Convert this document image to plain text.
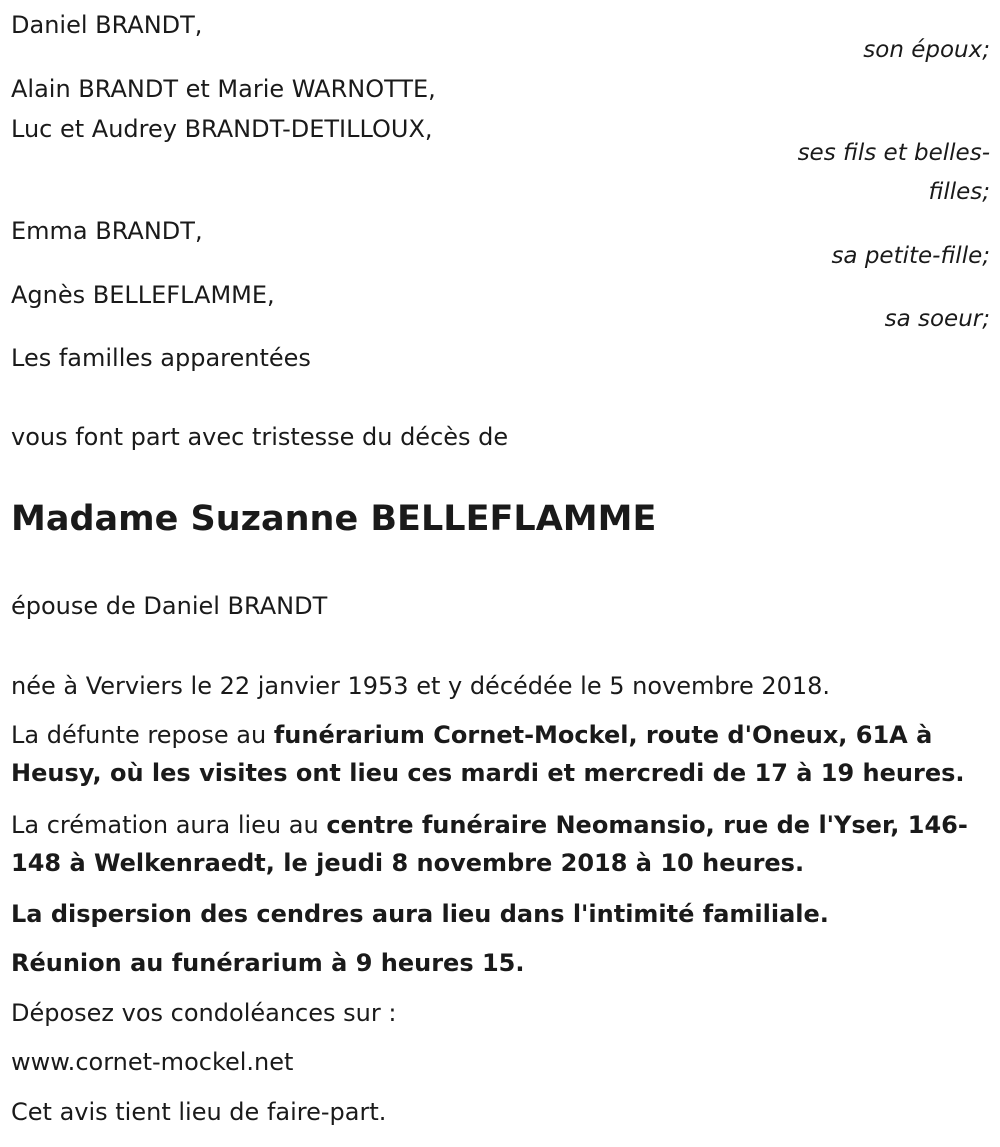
Daniel BRANDT,
son époux;
Alain BRANDT et Marie WARNOTTE,
Luc et Audrey BRANDT-DETILLOUX,
ses fils et belles-
filles;
Emma BRANDT,
sa petite-fille;
Agnès BELLEFLAMME,
sa soeur;
Les familles apparentées
vous font part avec tristesse du décès de
Madame Suzanne BELLEFLAMME
épouse de Daniel BRANDT
née à Verviers le 22 janvier 1953 et y décédée le 5 novembre 2018.
La défunte repose au funérarium Cornet-Mockel, route d'Oneux, 61A à Heusy, où les visites ont lieu ces mardi et mercredi de 17 à 19 heures.
La crémation aura lieu au centre funéraire Neomansio, rue de l'Yser, 146-148 à Welkenraedt, le jeudi 8 novembre 2018 à 10 heures.
La dispersion des cendres aura lieu dans l'intimité familiale.
Réunion au funérarium à 9 heures 15.
Déposez vos condoléances sur :
www.cornet-mockel.net
Cet avis tient lieu de faire-part.
